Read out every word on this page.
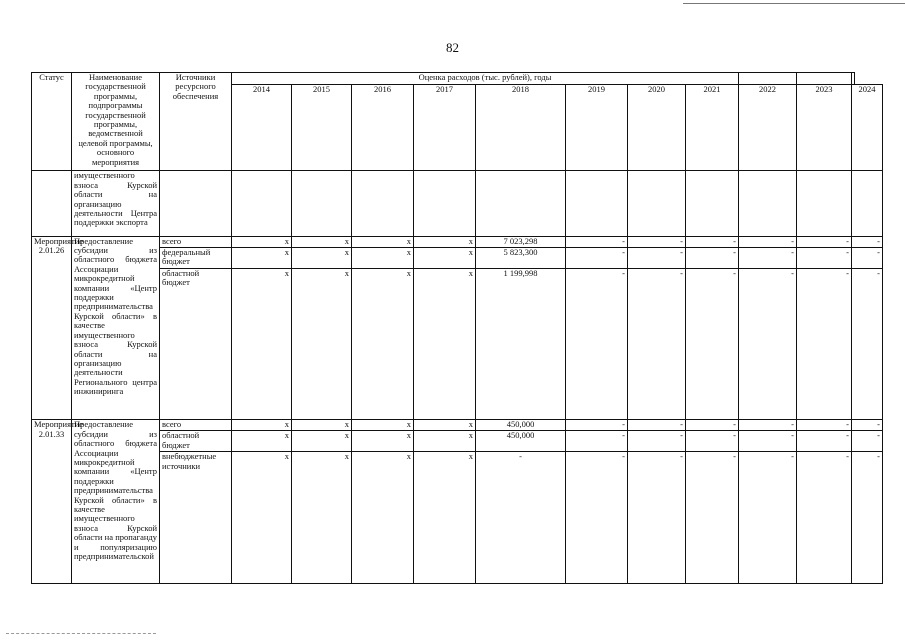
82
Статус	Наименование государственной программы, подпрограммы государственной программы, ведомственной целевой программы, основного мероприятия	Источники ресурсного обеспечения	Оценка расходов (тыс. рублей), годы										
			2014	2015	2016	2017	2018	2019	2020	2021	2022	2023	2024
	имущественного взноса Курской области на организацию деятельности Центра поддержки экспорта												
Мероприятие 2.01.26	Предоставление субсидии из областного бюджета Ассоциации микрокредитной компании «Центр поддержки предпринимательства Курской области» в качестве имущественного взноса Курской области на организацию деятельности Регионального центра инжиниринга	всего	x	x	x	x	7 023,298	-	-	-	-	-	-
		федеральный бюджет	x	x	x	x	5 823,300	-	-	-	-	-	-
		областной бюджет	x	x	x	x	1 199,998	-	-	-	-	-	-
Мероприятие 2.01.33	Предоставление субсидии из областного бюджета Ассоциации микрокредитной компании «Центр поддержки предпринимательства Курской области» в качестве имущественного взноса Курской области на пропаганду и популяризацию предпринимательской	всего	x	x	x	x	450,000	-	-	-	-	-	-
		областной бюджет	x	x	x	x	450,000	-	-	-	-	-	-
		внебюджетные источники	x	x	x	x	-	-	-	-	-	-	-
